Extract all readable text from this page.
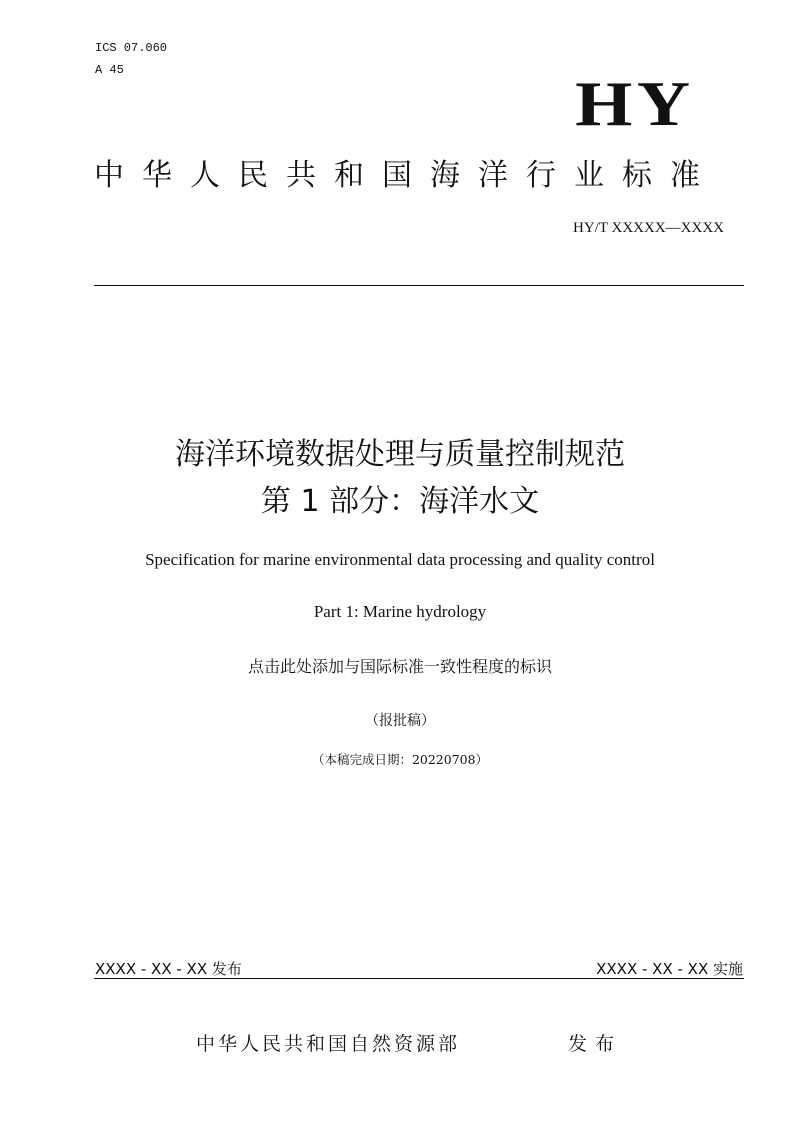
ICS 07.060
A 45	HY
中华人民共和国海洋行业标准
HY/T XXXXX—XXXX
海洋环境数据处理与质量控制规范
第 1 部分：海洋水文
Specification for marine environmental data processing and quality control
Part 1: Marine hydrology
点击此处添加与国际标准一致性程度的标识
（报批稿）
（本稿完成日期：20220708）
XXXX - XX - XX 发布	XXXX - XX - XX 实施
中华人民共和国自然资源部	发布
